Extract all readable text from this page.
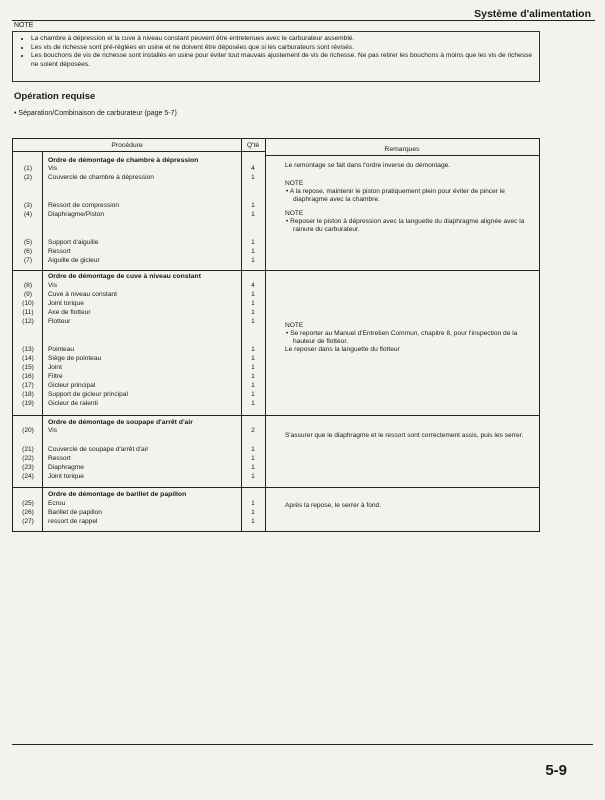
Système d'alimentation
NOTE
• La chambre à dépression et la cuve à niveau constant peuvent être entretenues avec le carburateur assemblé.
• Les vis de richesse sont pré-réglées en usine et ne doivent être déposées que si les carburateurs sont révisés.
• Les bouchons de vis de richesse sont installés en usine pour éviter tout mauvais ajustement de vis de richesse. Ne pas retirer les bouchons à moins que les vis de richesse ne soient déposées.
Opération requise
• Séparation/Combinaison de carburateur (page 5-7)
Procédure	Q'té
Remarques
Ordre de démontage de chambre à dépression
(1)	Vis	4
(2)	Couvercle de chambre à dépression	1
(3)	Ressort de compression	1
(4)	Diaphragme/Piston	1
(5)	Support d'aiguille	1
(6)	Ressort	1
(7)	Aiguille de gicleur	1

Le remontage se fait dans l'ordre inverse du démontage.

NOTE

• A la repose, maintenir le piston pratiquement plein pour éviter de pincer le diaphragme avec la chambre.

NOTE

• Reposer le piston à dépression avec la languette du diaphragme alignée avec la rainure du carburateur.

Ordre de démontage de cuve à niveau constant
(8)	Vis	4
(9)	Cuve à niveau constant	1
(10)	Joint torique	1
(11)	Axe de flotteur	1
(12)	Flotteur	1
(13)	Pointeau	1
(14)	Siège de pointeau	1
(15)	Joint	1
(16)	Filtre	1
(17)	Gicleur principal	1
(18)	Support de gicleur principal	1
(19)	Gicleur de ralenti	1

NOTE

• Se reporter au Manuel d'Entretien Commun, chapitre 8, pour l'inspection de la hauteur de flotteur.

Le reposer dans la languette du flotteur

Ordre de démontage de soupape d'arrêt d'air
(20)	Vis	2
(21)	Couvercle de soupape d'arrêt d'air	1
(22)	Ressort	1
(23)	Diaphragme	1
(24)	Joint torique	1

S'assurer que le diaphragme et le ressort sont correctement assis, puis les serrer.

Ordre de démontage de barillet de papillon
(25)	Ecrou	1
(26)	Barillet de papillon	1
(27)	ressort de rappel	1

Après la repose, le serrer à fond.

5-9
